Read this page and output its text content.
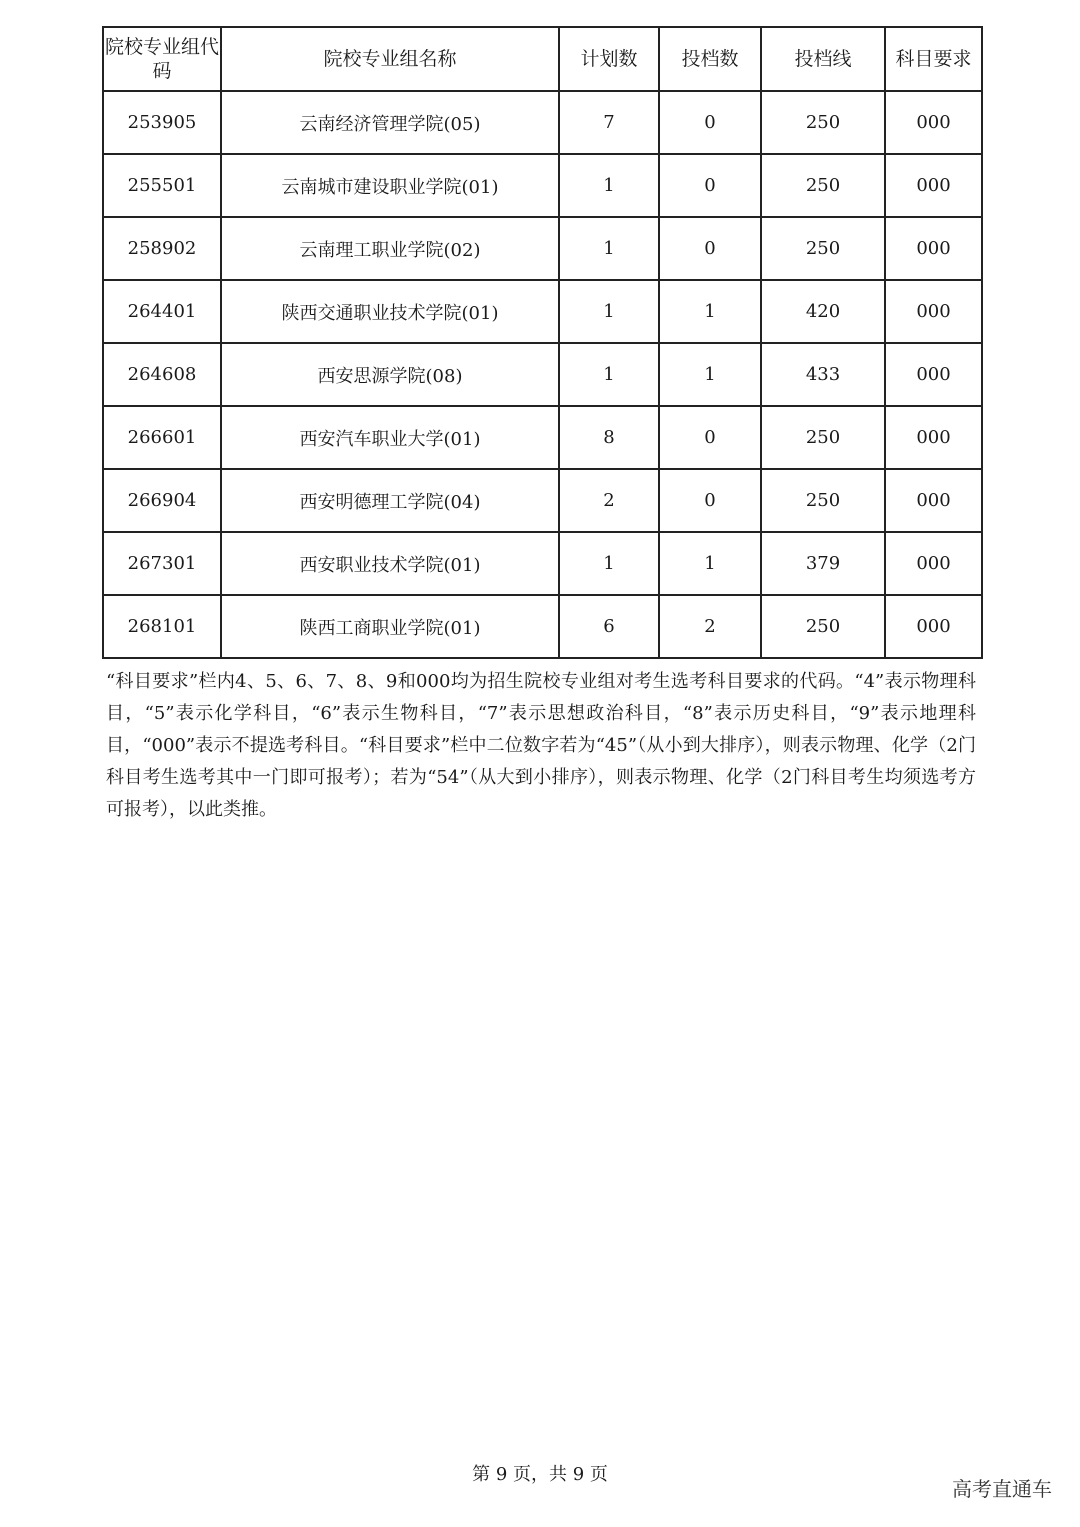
院校专业组代码	院校专业组名称	计划数	投档数	投档线	科目要求
253905	云南经济管理学院(05)	7	0	250	000
255501	云南城市建设职业学院(01)	1	0	250	000
258902	云南理工职业学院(02)	1	0	250	000
264401	陕西交通职业技术学院(01)	1	1	420	000
264608	西安思源学院(08)	1	1	433	000
266601	西安汽车职业大学(01)	8	0	250	000
266904	西安明德理工学院(04)	2	0	250	000
267301	西安职业技术学院(01)	1	1	379	000
268101	陕西工商职业学院(01)	6	2	250	000

“科目要求”栏内4、5、6、7、8、9和000均为招生院校专业组对考生选考科目要求的代码。“4”表示物理科目，“5”表示化学科目，“6”表示生物科目，“7”表示思想政治科目，“8”表示历史科目，“9”表示地理科目，“000”表示不提选考科目。“科目要求”栏中二位数字若为“45”（从小到大排序），则表示物理、化学（2门科目考生选考其中一门即可报考）；若为“54”（从大到小排序），则表示物理、化学（2门科目考生均须选考方可报考），以此类推。

第 9 页，共 9 页
高考直通车
